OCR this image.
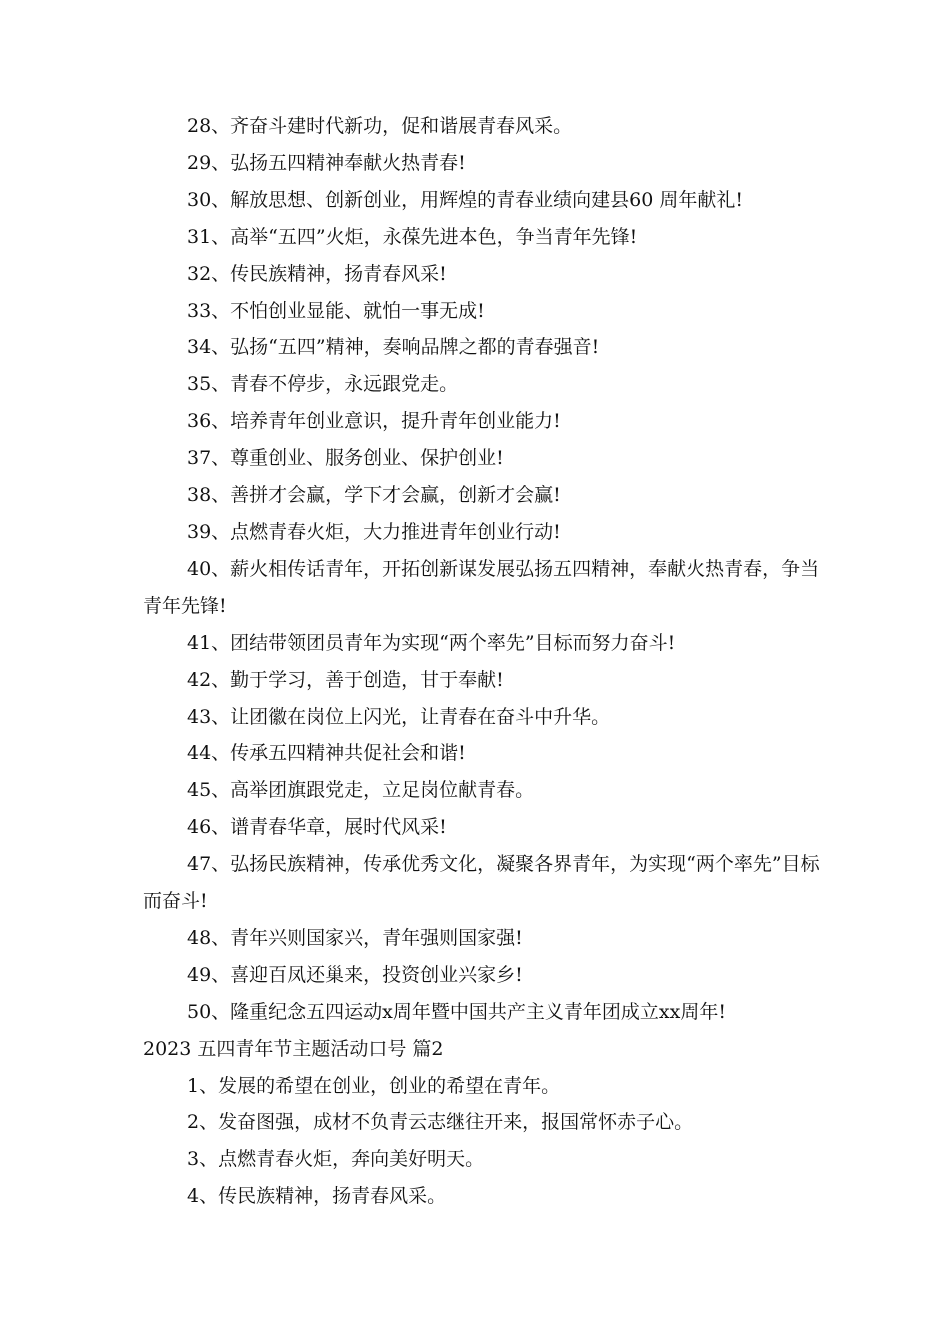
28、齐奋斗建时代新功，促和谐展青春风采。

29、弘扬五四精神奉献火热青春!

30、解放思想、创新创业，用辉煌的青春业绩向建县60 周年献礼!

31、高举“五四”火炬，永葆先进本色，争当青年先锋!

32、传民族精神，扬青春风采!

33、不怕创业显能、就怕一事无成!

34、弘扬“五四”精神，奏响品牌之都的青春强音!

35、青春不停步，永远跟党走。

36、培养青年创业意识，提升青年创业能力!

37、尊重创业、服务创业、保护创业!

38、善拼才会赢，学下才会赢，创新才会赢!

39、点燃青春火炬，大力推进青年创业行动!

40、薪火相传话青年，开拓创新谋发展弘扬五四精神，奉献火热青春，争当青年先锋!

41、团结带领团员青年为实现“两个率先”目标而努力奋斗!

42、勤于学习，善于创造，甘于奉献!

43、让团徽在岗位上闪光，让青春在奋斗中升华。

44、传承五四精神共促社会和谐!

45、高举团旗跟党走，立足岗位献青春。

46、谱青春华章，展时代风采!

47、弘扬民族精神，传承优秀文化，凝聚各界青年，为实现“两个率先”目标而奋斗!

48、青年兴则国家兴，青年强则国家强!

49、喜迎百凤还巢来，投资创业兴家乡!

50、隆重纪念五四运动x周年暨中国共产主义青年团成立xx周年!

2023 五四青年节主题活动口号 篇2

1、发展的希望在创业，创业的希望在青年。

2、发奋图强，成材不负青云志继往开来，报国常怀赤子心。

3、点燃青春火炬，奔向美好明天。

4、传民族精神，扬青春风采。
